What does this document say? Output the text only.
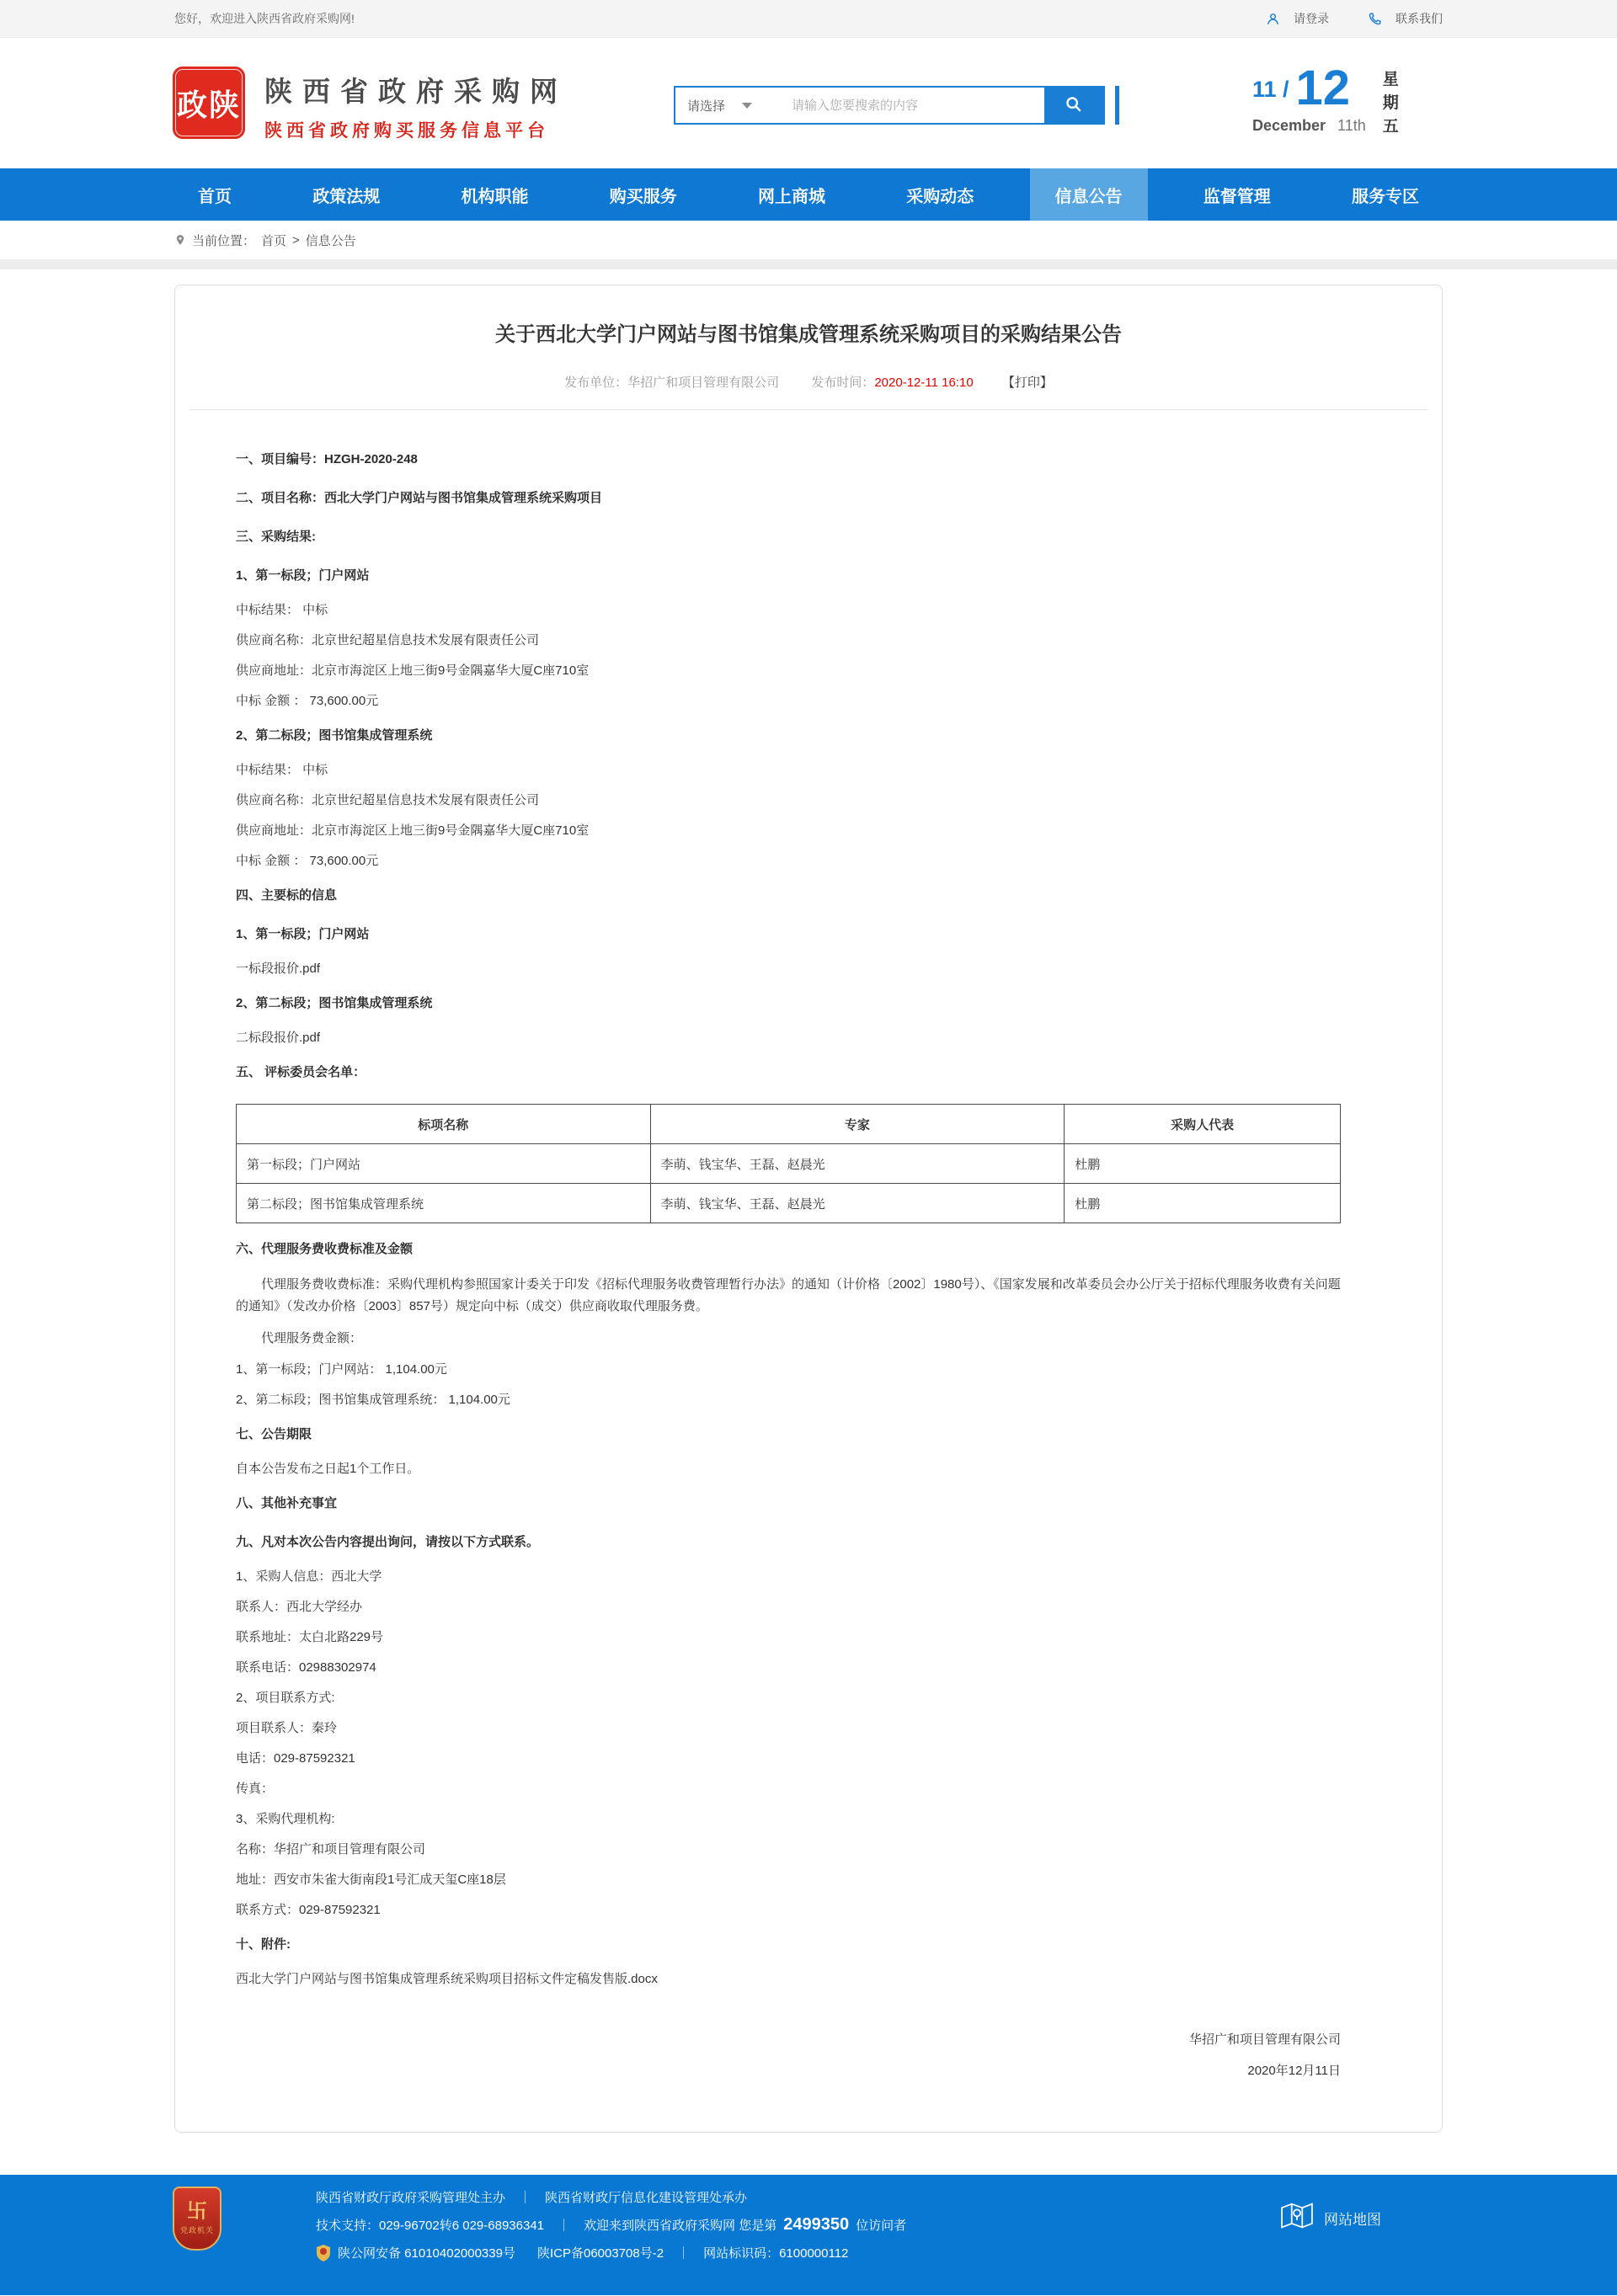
您好，欢迎进入陕西省政府采购网!	请登录	联系我们
政陕 陕西省政府采购网
陕西省政府购买服务信息平台
请选择
请输入您要搜索的内容
11 / 12
December 11th
星期五
首页	政策法规	机构职能	购买服务	网上商城	采购动态	信息公告	监督管理	服务专区
当前位置： 首页 > 信息公告
关于西北大学门户网站与图书馆集成管理系统采购项目的采购结果公告
发布单位：华招广和项目管理有限公司	发布时间：2020-12-11 16:10 【打印】
一、项目编号：HZGH-2020-248
二、项目名称：西北大学门户网站与图书馆集成管理系统采购项目
三、采购结果:
1、第一标段；门户网站
中标结果： 中标
供应商名称：北京世纪超星信息技术发展有限责任公司
供应商地址：北京市海淀区上地三街9号金隅嘉华大厦C座710室
中标 金额 ： 73,600.00元
2、第二标段；图书馆集成管理系统
中标结果： 中标
供应商名称：北京世纪超星信息技术发展有限责任公司
供应商地址：北京市海淀区上地三街9号金隅嘉华大厦C座710室
中标 金额 ： 73,600.00元
四、主要标的信息
1、第一标段；门户网站
一标段报价.pdf
2、第二标段；图书馆集成管理系统
二标段报价.pdf
五、 评标委员会名单：
标项名称	专家	采购人代表
第一标段；门户网站	李萌、钱宝华、王磊、赵晨光	杜鹏
第二标段；图书馆集成管理系统	李萌、钱宝华、王磊、赵晨光	杜鹏
六、代理服务费收费标准及金额
代理服务费收费标准：采购代理机构参照国家计委关于印发《招标代理服务收费管理暂行办法》的通知（计价格〔2002〕1980号）、《国家发展和改革委员会办公厅关于招标代理服务收费有关问题的通知》（发改办价格〔2003〕857号）规定向中标（成交）供应商收取代理服务费。
代理服务费金额：
1、第一标段；门户网站： 1,104.00元
2、第二标段；图书馆集成管理系统： 1,104.00元
七、公告期限
自本公告发布之日起1个工作日。
八、其他补充事宜
九、凡对本次公告内容提出询问，请按以下方式联系。
1、采购人信息：西北大学
联系人：西北大学经办
联系地址：太白北路229号
联系电话：02988302974
2、项目联系方式:
项目联系人：秦玲
电话：029-87592321
传真：
3、采购代理机构:
名称：华招广和项目管理有限公司
地址：西安市朱雀大街南段1号汇成天玺C座18层
联系方式：029-87592321
十、附件:
西北大学门户网站与图书馆集成管理系统采购项目招标文件定稿发售版.docx
华招广和项目管理有限公司
2020年12月11日
卐
党政机关
陕西省财政厅政府采购管理处主办 ｜ 陕西省财政厅信息化建设管理处承办
技术支持：029-96702转6 029-68936341 ｜ 欢迎来到陕西省政府采购网 您是第 2499350 位访问者
陕公网安备 61010402000339号 陕ICP备06003708号-2 ｜ 网站标识码：6100000112
网站地图
